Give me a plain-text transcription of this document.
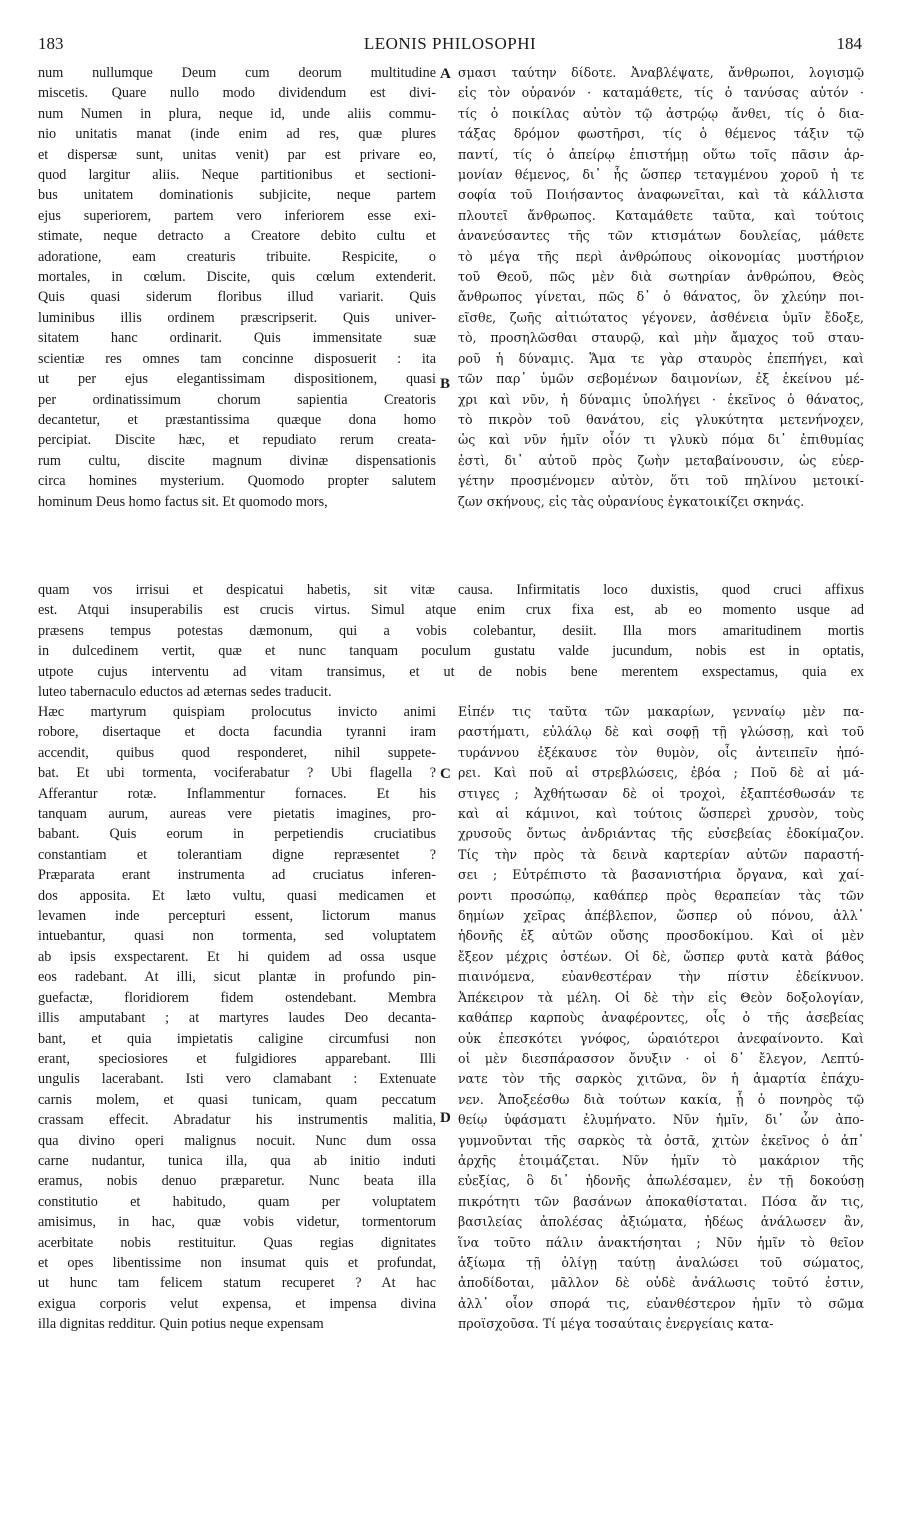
183	LEONIS PHILOSOPHI	184
num nullumque Deum cum deorum multitudine
miscetis. Quare nullo modo dividendum est divi-
num Numen in plura, neque id, unde aliis commu-
nio unitatis manat (inde enim ad res, quæ plures
et dispersæ sunt, unitas venit) par est privare eo,
quod largitur aliis. Neque partitionibus et sectioni-
bus unitatem dominationis subjicite, neque partem
ejus superiorem, partem vero inferiorem esse exi-
stimate, neque detracto a Creatore debito cultu et
adoratione, eam creaturis tribuite. Respicite, o
mortales, in cœlum. Discite, quis cœlum extenderit.
Quis quasi siderum floribus illud variarit. Quis
luminibus illis ordinem præscripserit. Quis univer-
sitatem hanc ordinarit. Quis immensitate suæ
scientiæ res omnes tam concinne disposuerit : ita
ut per ejus elegantissimam dispositionem, quasi
per ordinatissimum chorum sapientia Creatoris
decantetur, et præstantissima quæque dona homo
percipiat. Discite hæc, et repudiato rerum creata-
rum cultu, discite magnum divinæ dispensationis
circa homines mysterium. Quomodo propter salutem
hominum Deus homo factus sit. Et quomodo mors,
σμασι ταύτην δίδοτε. Ἀναβλέψατε, ἄνθρωποι, λογισμῷ
εἰς τὸν οὐρανόν · καταμάθετε, τίς ὁ τανύσας αὐτόν ·
τίς ὁ ποικίλας αὐτὸν τῷ ἀστρῴῳ ἄνθει, τίς ὁ δια-
τάξας δρόμον φωστῆρσι, τίς ὁ θέμενος τάξιν τῷ
παντί, τίς ὁ ἀπείρῳ ἐπιστήμῃ οὕτω τοῖς πᾶσιν ἁρ-
μονίαν θέμενος, δι᾽ ἧς ὥσπερ τεταγμένου χοροῦ ἡ τε
σοφία τοῦ Ποιήσαντος ἀναφωνεῖται, καὶ τὰ κάλλιστα
πλουτεῖ ἄνθρωπος. Καταμάθετε ταῦτα, καὶ τούτοις
ἀνανεύσαντες τῆς τῶν κτισμάτων δουλείας, μάθετε
τὸ μέγα τῆς περὶ ἀνθρώπους οἰκονομίας μυστήριον
τοῦ Θεοῦ, πῶς μὲν διὰ σωτηρίαν ἀνθρώπου, Θεὸς
ἄνθρωπος γίνεται, πῶς δ᾽ ὁ θάνατος, ὃν χλεύην ποι-
εῖσθε, ζωῆς αἰτιώτατος γέγονεν, ἀσθένεια ὑμῖν ἔδοξε,
τὸ, προσηλῶσθαι σταυρῷ, καὶ μὴν ἄμαχος τοῦ σταυ-
ροῦ ἡ δύναμις. Ἅμα τε γὰρ σταυρὸς ἐπεπήγει, καὶ
τῶν παρ᾽ ὑμῶν σεβομένων δαιμονίων, ἐξ ἐκείνου μέ-
χρι καὶ νῦν, ἡ δύναμις ὑπολήγει · ἐκεῖνος ὁ θάνατος,
τὸ πικρὸν τοῦ θανάτου, εἰς γλυκύτητα μετενήνοχεν,
ὡς καὶ νῦν ἡμῖν οἷόν τι γλυκὺ πόμα δι᾽ ἐπιθυμίας
ἐστὶ, δι᾽ αὐτοῦ πρὸς ζωὴν μεταβαίνουσιν, ὡς εὐερ-
γέτην προσμένομεν αὐτὸν, ὅτι τοῦ πηλίνου μετοικί-
ζων σκήνους, εἰς τὰς οὐρανίους ἐγκατοικίζει σκηνάς.
quam vos irrisui et despicatui habetis, sit vitæ causa. Infirmitatis loco duxistis, quod cruci affixus
est. Atqui insuperabilis est crucis virtus. Simul atque enim crux fixa est, ab eo momento usque ad
præsens tempus potestas dæmonum, qui a vobis colebantur, desiit. Illa mors amaritudinem mortis
in dulcedinem vertit, quæ et nunc tanquam poculum gustatu valde jucundum, nobis est in optatis,
utpote cujus interventu ad vitam transimus, et ut de nobis bene merentem exspectamus, quia ex
luteo tabernaculo eductos ad æternas sedes traducit.
Hæc martyrum quispiam prolocutus invicto animi
robore, disertaque et docta facundia tyranni iram
accendit, quibus quod responderet, nihil suppete-
bat. Et ubi tormenta, vociferabatur ? Ubi flagella ?
Afferantur rotæ. Inflammentur fornaces. Et his
tanquam aurum, aureas vere pietatis imagines, pro-
babant. Quis eorum in perpetiendis cruciatibus
constantiam et tolerantiam digne repræsentet ?
Præparata erant instrumenta ad cruciatus inferen-
dos apposita. Et læto vultu, quasi medicamen et
levamen inde percepturi essent, lictorum manus
intuebantur, quasi non tormenta, sed voluptatem
ab ipsis exspectarent. Et hi quidem ad ossa usque
eos radebant. At illi, sicut plantæ in profundo pin-
guefactæ, floridiorem fidem ostendebant. Membra
illis amputabant ; at martyres laudes Deo decanta-
bant, et quia impietatis caligine circumfusi non
erant, speciosiores et fulgidiores apparebant. Illi
ungulis lacerabant. Isti vero clamabant : Extenuate
carnis molem, et quasi tunicam, quam peccatum
crassam effecit. Abradatur his instrumentis malitia,
qua divino operi malignus nocuit. Nunc dum ossa
carne nudantur, tunica illa, qua ab initio induti
eramus, nobis denuo præparetur. Nunc beata illa
constitutio et habitudo, quam per voluptatem
amisimus, in hac, quæ vobis videtur, tormentorum
acerbitate nobis restituitur. Quas regias dignitates
et opes libentissime non insumat quis et profundat,
ut hunc tam felicem statum recuperet ? At hac
exigua corporis velut expensa, et impensa divina
illa dignitas redditur. Quin potius neque expensam
Εἰπέν τις ταῦτα τῶν μακαρίων, γενναίῳ μὲν πα-
ραστήματι, εὐλάλῳ δὲ καὶ σοφῇ τῇ γλώσσῃ, καὶ τοῦ
τυράννου ἐξέκαυσε τὸν θυμὸν, οἷς ἀντειπεῖν ἠπό-
ρει. Καὶ ποῦ αἱ στρεβλώσεις, ἐβόα ; Ποῦ δὲ αἱ μά-
στιγες ; Ἀχθήτωσαν δὲ οἱ τροχοὶ, ἐξαπτέσθωσάν τε
καὶ αἱ κάμινοι, καὶ τούτοις ὥσπερεὶ χρυσὸν, τοὺς
χρυσοῦς ὄντως ἀνδριάντας τῆς εὐσεβείας ἐδοκίμαζον.
Τίς τὴν πρὸς τὰ δεινὰ καρτερίαν αὐτῶν παραστή-
σει ; Εὐτρέπιστο τὰ βασανιστήρια ὄργανα, καὶ χαί-
ροντι προσώπῳ, καθάπερ πρὸς θεραπείαν τὰς τῶν
δημίων χεῖρας ἀπέβλεπον, ὥσπερ οὐ πόνου, ἀλλ᾽
ἡδονῆς ἐξ αὐτῶν οὔσης προσδοκίμου. Καὶ οἱ μὲν
ἔξεον μέχρις ὀστέων. Οἱ δὲ, ὥσπερ φυτὰ κατὰ βάθος
πιαινόμενα, εὐανθεστέραν τὴν πίστιν ἐδείκνυον.
Ἀπέκειρον τὰ μέλη. Οἱ δὲ τὴν εἰς Θεὸν δοξολογίαν,
καθάπερ καρποὺς ἀναφέροντες, οἷς ὁ τῆς ἀσεβείας
οὐκ ἐπεσκότει γνόφος, ὡραιότεροι ἀνεφαίνοντο. Καὶ
οἱ μὲν διεσπάρασσον ὄνυξιν · οἱ δ᾽ ἔλεγον, Λεπτύ-
νατε τὸν τῆς σαρκὸς χιτῶνα, ὃν ἡ ἁμαρτία ἐπάχυ-
νεν. Ἀποξεέσθω διὰ τούτων κακία, ᾗ ὁ πονηρὸς τῷ
θείῳ ὑφάσματι ἐλυμήνατο. Νῦν ἡμῖν, δι᾽ ὧν ἀπο-
γυμνοῦνται τῆς σαρκὸς τὰ ὀστᾶ, χιτὼν ἐκεῖνος ὁ ἀπ᾽
ἀρχῆς ἑτοιμάζεται. Νῦν ἡμῖν τὸ μακάριον τῆς
εὐεξίας, ὃ δι᾽ ἡδονῆς ἀπωλέσαμεν, ἐν τῇ δοκούσῃ
πικρότητι τῶν βασάνων ἀποκαθίσταται. Πόσα ἄν τις,
βασιλείας ἀπολέσας ἀξιώματα, ἡδέως ἀνάλωσεν ἂν,
ἵνα τοῦτο πάλιν ἀνακτήσηται ; Νῦν ἡμῖν τὸ θεῖον
ἀξίωμα τῇ ὀλίγῃ ταύτῃ ἀναλώσει τοῦ σώματος,
ἀποδίδοται, μᾶλλον δὲ οὐδὲ ἀνάλωσις τοῦτό ἐστιν,
ἀλλ᾽ οἷον σπορά τις, εὐανθέστερον ἡμῖν τὸ σῶμα
προϊσχοῦσα. Τί μέγα τοσαύταις ἐνεργείαις κατα-
A
B
C
D
